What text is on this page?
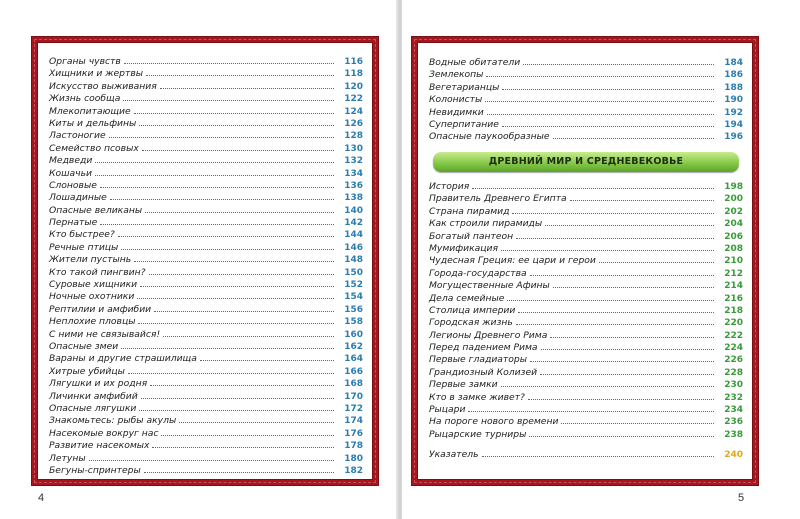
Органы чувств	116
Хищники и жертвы	118
Искусство выживания	120
Жизнь сообща	122
Млекопитающие	124
Киты и дельфины	126
Ластоногие	128
Семейство псовых	130
Медведи	132
Кошачьи	134
Слоновые	136
Лошадиные	138
Опасные великаны	140
Пернатые	142
Кто быстрее?	144
Речные птицы	146
Жители пустынь	148
Кто такой пингвин?	150
Суровые хищники	152
Ночные охотники	154
Рептилии и амфибии	156
Неплохие пловцы	158
С ними не связывайся!	160
Опасные змеи	162
Вараны и другие страшилища	164
Хитрые убийцы	166
Лягушки и их родня	168
Личинки амфибий	170
Опасные лягушки	172
Знакомьтесь: рыбы акулы	174
Насекомые вокруг нас	176
Развитие насекомых	178
Летуны	180
Бегуны-спринтеры	182
4
Водные обитатели	184
Землекопы	186
Вегетарианцы	188
Колонисты	190
Невидимки	192
Суперпитание	194
Опасные паукообразные	196
ДРЕВНИЙ МИР И СРЕДНЕВЕКОВЬЕ
История	198
Правитель Древнего Египта	200
Страна пирамид	202
Как строили пирамиды	204
Богатый пантеон	206
Мумификация	208
Чудесная Греция: ее цари и герои	210
Города-государства	212
Могущественные Афины	214
Дела семейные	216
Столица империи	218
Городская жизнь	220
Легионы Древнего Рима	222
Перед падением Рима	224
Первые гладиаторы	226
Грандиозный Колизей	228
Первые замки	230
Кто в замке живет?	232
Рыцари	234
На пороге нового времени	236
Рыцарские турниры	238
Указатель	240
5
